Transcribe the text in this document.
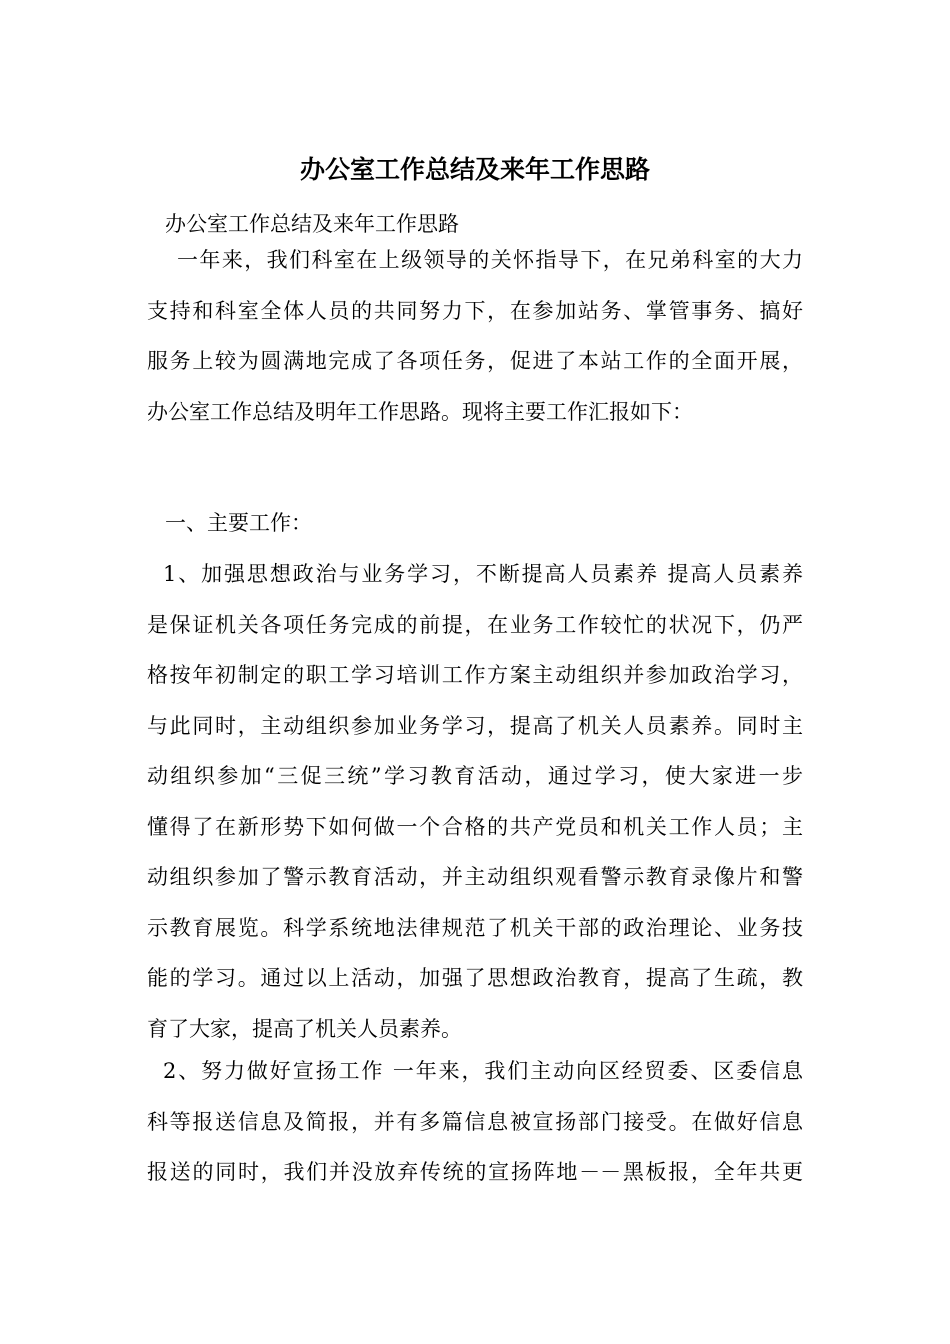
办公室工作总结及来年工作思路

办公室工作总结及来年工作思路

一年来，我们科室在上级领导的关怀指导下，在兄弟科室的大力
支持和科室全体人员的共同努力下，在参加站务、掌管事务、搞好
服务上较为圆满地完成了各项任务，促进了本站工作的全面开展，
办公室工作总结及明年工作思路。现将主要工作汇报如下：
一、主要工作：
1、加强思想政治与业务学习，不断提高人员素养 提高人员素养
是保证机关各项任务完成的前提，在业务工作较忙的状况下，仍严
格按年初制定的职工学习培训工作方案主动组织并参加政治学习，
与此同时，主动组织参加业务学习，提高了机关人员素养。同时主
动组织参加“三促三统”学习教育活动，通过学习，使大家进一步
懂得了在新形势下如何做一个合格的共产党员和机关工作人员；主
动组织参加了警示教育活动，并主动组织观看警示教育录像片和警
示教育展览。科学系统地法律规范了机关干部的政治理论、业务技
能的学习。通过以上活动，加强了思想政治教育，提高了生疏，教
育了大家，提高了机关人员素养。
2、努力做好宣扬工作 一年来，我们主动向区经贸委、区委信息
科等报送信息及简报，并有多篇信息被宣扬部门接受。在做好信息
报送的同时，我们并没放弃传统的宣扬阵地－－黑板报，全年共更
